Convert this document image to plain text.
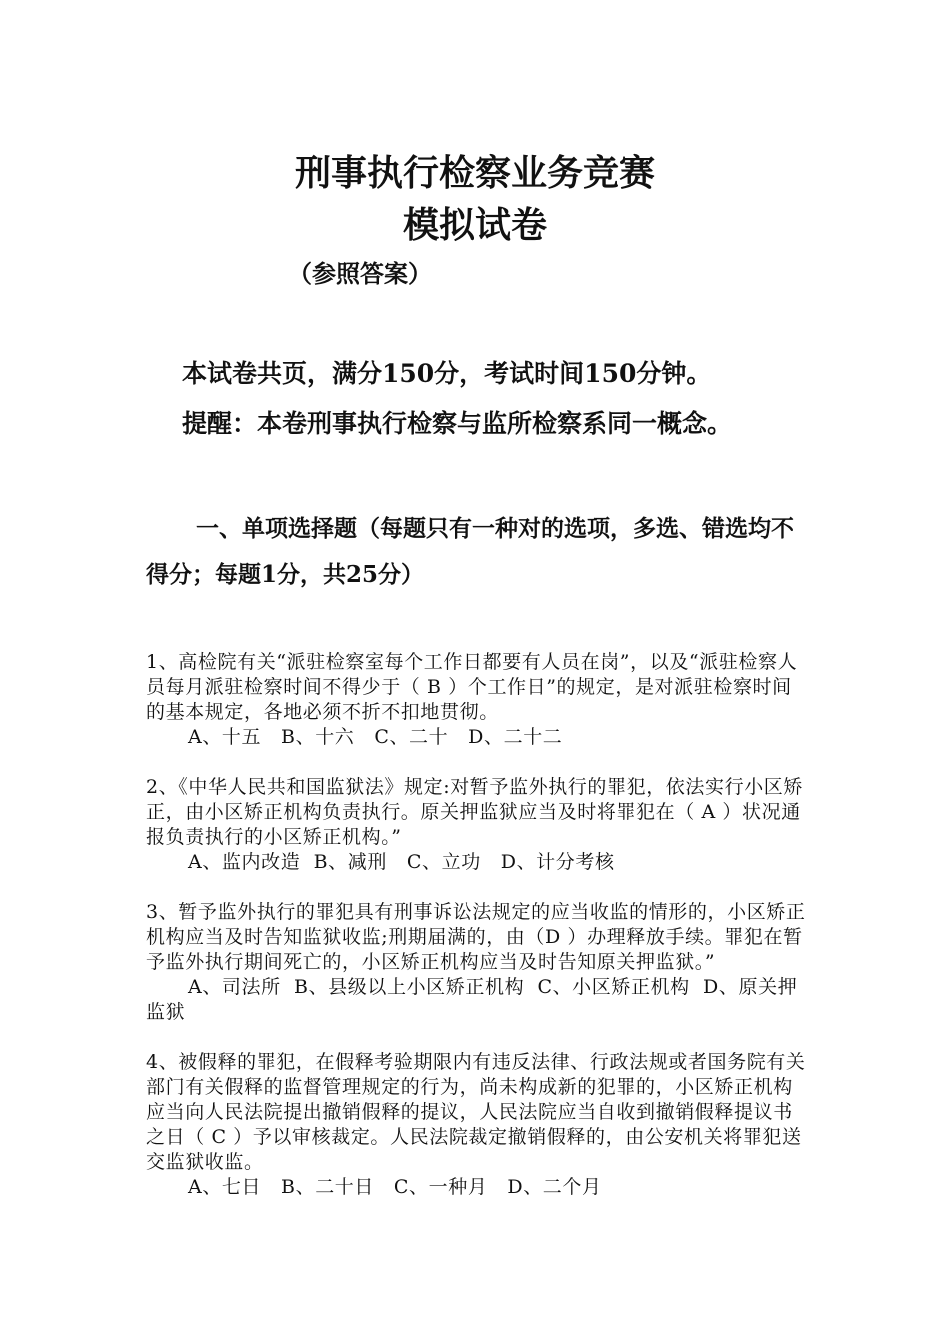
刑事执行检察业务竞赛
模拟试卷
（参照答案）
本试卷共页，满分150分，考试时间150分钟。
提醒：本卷刑事执行检察与监所检察系同一概念。
一、单项选择题（每题只有一种对的选项，多选、错选均不得分；每题1分，共25分）

1、高检院有关“派驻检察室每个工作日都要有人员在岗”，以及“派驻检察人员每月派驻检察时间不得少于（ B ）个工作日”的规定，是对派驻检察时间的基本规定，各地必须不折不扣地贯彻。

A、十五   B、十六   C、二十   D、二十二

2、《中华人民共和国监狱法》规定:对暂予监外执行的罪犯，依法实行小区矫正，由小区矫正机构负责执行。原关押监狱应当及时将罪犯在（ A ）状况通报负责执行的小区矫正机构。”

A、监内改造  B、减刑   C、立功   D、计分考核

3、暂予监外执行的罪犯具有刑事诉讼法规定的应当收监的情形的，小区矫正机构应当及时告知监狱收监;刑期届满的，由（D ）办理释放手续。罪犯在暂予监外执行期间死亡的，小区矫正机构应当及时告知原关押监狱。”

A、司法所  B、县级以上小区矫正机构  C、小区矫正机构  D、原关押监狱

4、被假释的罪犯，在假释考验期限内有违反法律、行政法规或者国务院有关部门有关假释的监督管理规定的行为，尚未构成新的犯罪的，小区矫正机构应当向人民法院提出撤销假释的提议，人民法院应当自收到撤销假释提议书之日（ C ）予以审核裁定。人民法院裁定撤销假释的，由公安机关将罪犯送交监狱收监。

A、七日   B、二十日   C、一种月   D、二个月
